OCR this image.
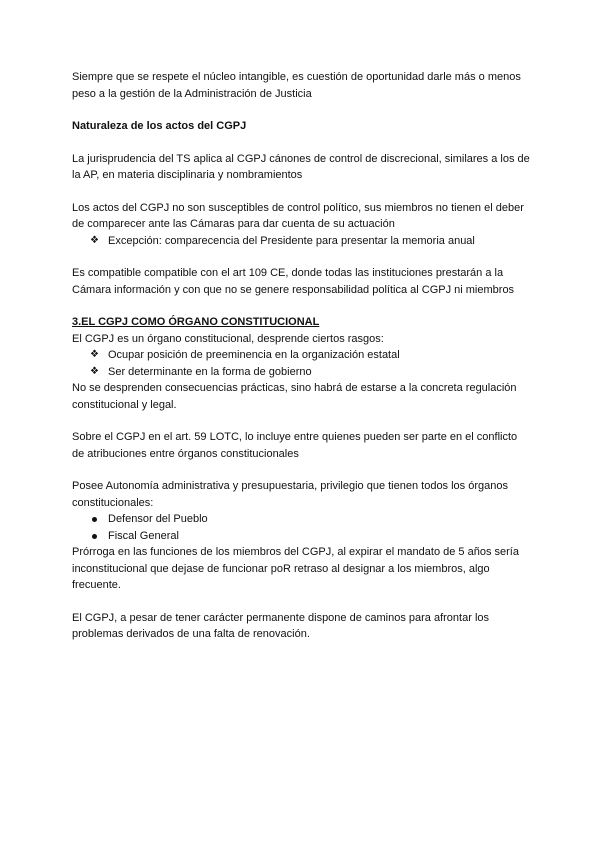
Siempre que se respete el núcleo intangible, es cuestión de oportunidad darle más o menos peso a la gestión de la Administración de Justicia

Naturaleza de los actos del CGPJ

La jurisprudencia del TS aplica al CGPJ cánones de control de discrecional, similares a los de la AP, en materia disciplinaria y nombramientos

Los actos del CGPJ no son susceptibles de control político, sus miembros no tienen el deber de comparecer ante las Cámaras para dar cuenta de su actuación

❖ Excepción: comparecencia del Presidente para presentar la memoria anual

Es compatible compatible con el art 109 CE, donde todas las instituciones prestarán a la Cámara información y con que no se genere responsabilidad política al CGPJ ni miembros

3.EL CGPJ COMO ÓRGANO CONSTITUCIONAL

El CGPJ es un órgano constitucional, desprende ciertos rasgos:

❖ Ocupar posición de preeminencia en la organización estatal
❖ Ser determinante en la forma de gobierno

No se desprenden consecuencias prácticas, sino habrá de estarse a la concreta regulación constitucional y legal.

Sobre el CGPJ en el art. 59 LOTC, lo incluye entre quienes pueden ser parte en el conflicto de atribuciones entre órganos constitucionales

Posee Autonomía administrativa y presupuestaria, privilegio que tienen todos los órganos constitucionales:

Defensor del Pueblo
Fiscal General

Prórroga en las funciones de los miembros del CGPJ, al expirar el mandato de 5 años sería inconstitucional que dejase de funcionar poR retraso al designar a los miembros, algo frecuente.

El CGPJ, a pesar de tener carácter permanente dispone de caminos para afrontar los problemas derivados de una falta de renovación.
